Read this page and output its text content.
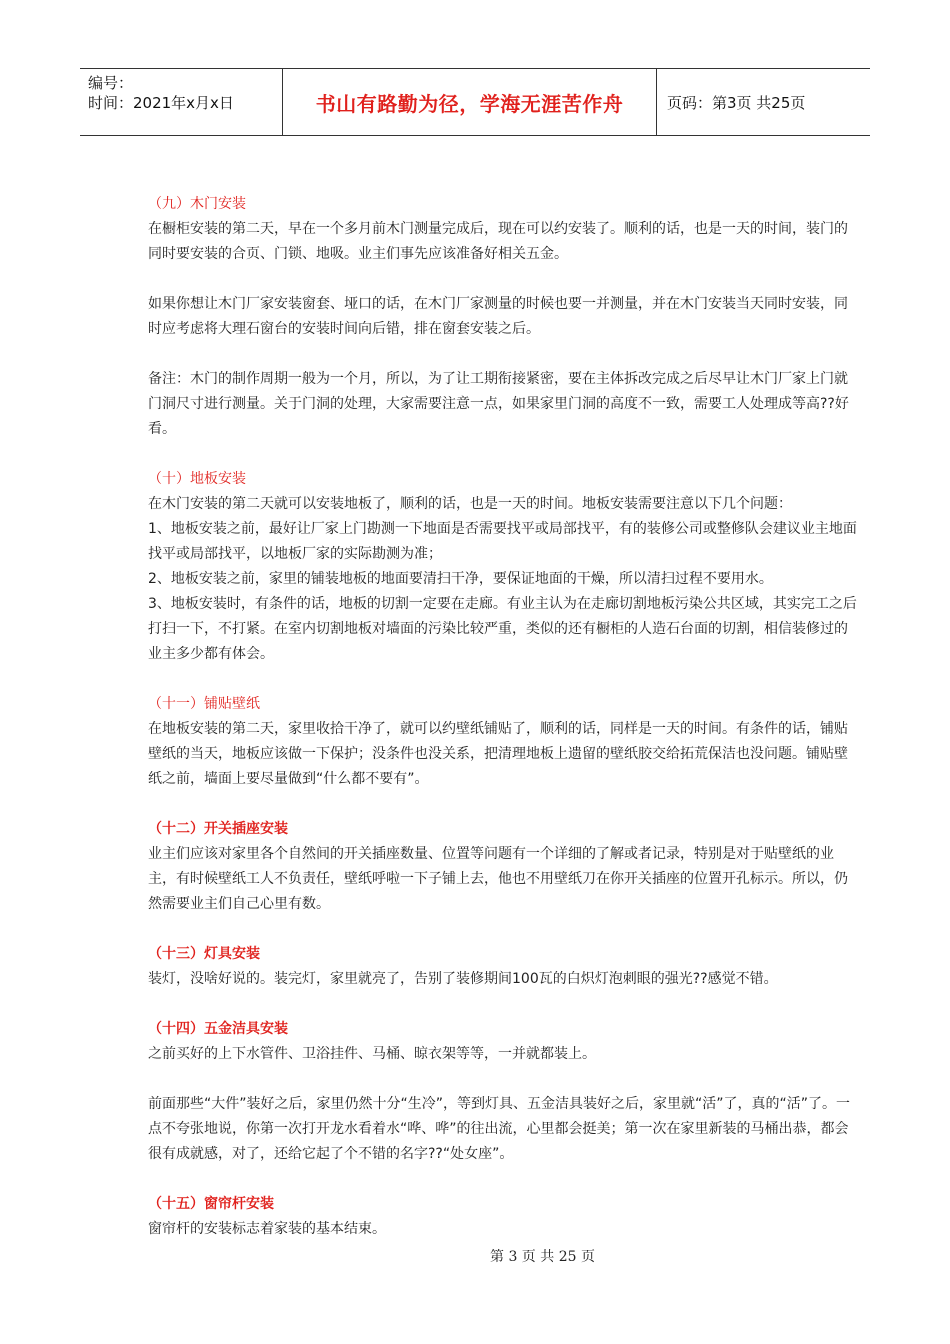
编号：
时间：2021年x月x日	书山有路勤为径，学海无涯苦作舟	页码：第3页 共25页

（九）木门安装

在橱柜安装的第二天，早在一个多月前木门测量完成后，现在可以约安装了。顺利的话，也是一天的时间，装门的同时要安装的合页、门锁、地吸。业主们事先应该准备好相关五金。

如果你想让木门厂家安装窗套、垭口的话，在木门厂家测量的时候也要一并测量，并在木门安装当天同时安装，同时应考虑将大理石窗台的安装时间向后错，排在窗套安装之后。

备注：木门的制作周期一般为一个月，所以，为了让工期衔接紧密，要在主体拆改完成之后尽早让木门厂家上门就门洞尺寸进行测量。关于门洞的处理，大家需要注意一点，如果家里门洞的高度不一致，需要工人处理成等高??好看。

（十）地板安装

在木门安装的第二天就可以安装地板了，顺利的话，也是一天的时间。地板安装需要注意以下几个问题：

1、地板安装之前，最好让厂家上门勘测一下地面是否需要找平或局部找平，有的装修公司或整修队会建议业主地面找平或局部找平，以地板厂家的实际勘测为准；

2、地板安装之前，家里的铺装地板的地面要清扫干净，要保证地面的干燥，所以清扫过程不要用水。

3、地板安装时，有条件的话，地板的切割一定要在走廊。有业主认为在走廊切割地板污染公共区域，其实完工之后打扫一下，不打紧。在室内切割地板对墙面的污染比较严重，类似的还有橱柜的人造石台面的切割，相信装修过的业主多少都有体会。

（十一）铺贴壁纸

在地板安装的第二天，家里收拾干净了，就可以约壁纸铺贴了，顺利的话，同样是一天的时间。有条件的话，铺贴壁纸的当天，地板应该做一下保护；没条件也没关系，把清理地板上遗留的壁纸胶交给拓荒保洁也没问题。铺贴壁纸之前，墙面上要尽量做到“什么都不要有”。

（十二）开关插座安装

业主们应该对家里各个自然间的开关插座数量、位置等问题有一个详细的了解或者记录，特别是对于贴壁纸的业主，有时候壁纸工人不负责任，壁纸呼啦一下子铺上去，他也不用壁纸刀在你开关插座的位置开孔标示。所以，仍然需要业主们自己心里有数。

（十三）灯具安装

装灯，没啥好说的。装完灯，家里就亮了，告别了装修期间100瓦的白炽灯泡刺眼的强光??感觉不错。

（十四）五金洁具安装

之前买好的上下水管件、卫浴挂件、马桶、晾衣架等等，一并就都装上。

前面那些“大件”装好之后，家里仍然十分“生冷”，等到灯具、五金洁具装好之后，家里就“活”了，真的“活”了。一点不夸张地说，你第一次打开龙水看着水“哗、哗”的往出流，心里都会挺美；第一次在家里新装的马桶出恭，都会很有成就感，对了，还给它起了个不错的名字??“处女座”。

（十五）窗帘杆安装

窗帘杆的安装标志着家装的基本结束。

第 3 页 共 25 页
